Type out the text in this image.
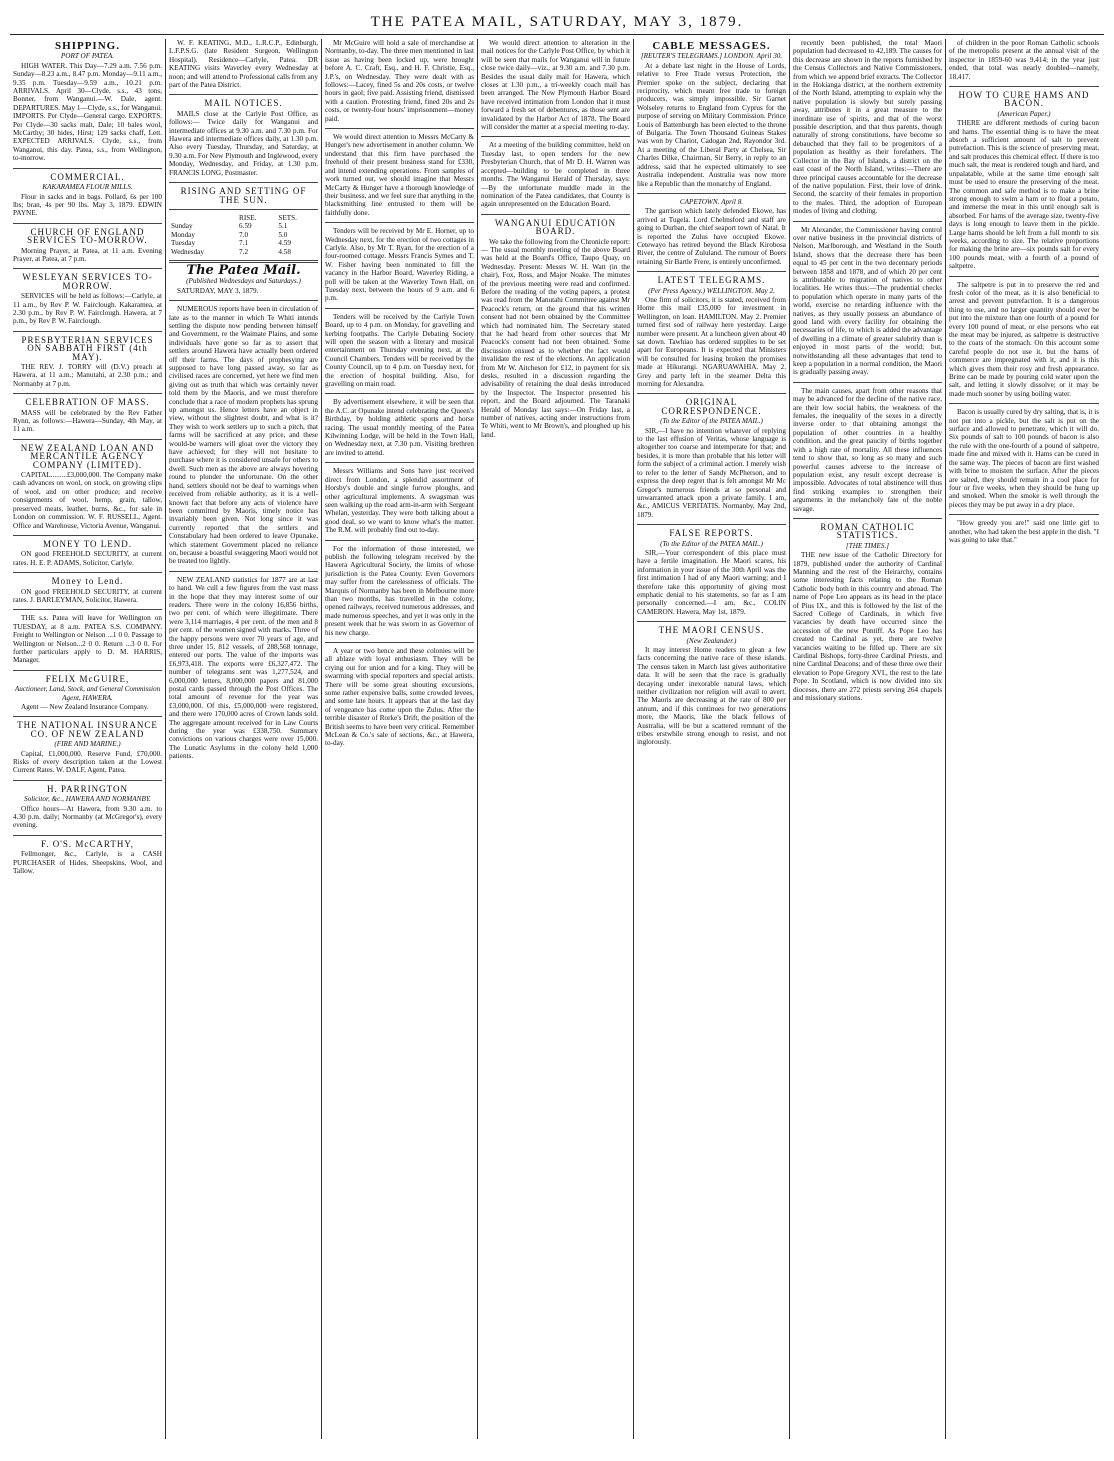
THE PATEA MAIL, SATURDAY, MAY 3, 1879.
SHIPPING.
PORT OF PATEA.

HIGH WATER. This Day—7.29 a.m. 7.56 p.m. Sunday—8.23 a.m., 8.47 p.m. Monday—9.11 a.m., 9.35 p.m. Tuesday—9.59 a.m., 10.21 p.m. ARRIVALS. April 30—Clyde, s.s., 43 tons, Bonner, from Wanganui.—W. Dale, agent. DEPARTURES. May 1—Clyde, s.s., for Wanganui. IMPORTS. Per Clyde—General cargo. EXPORTS. Per Clyde—30 sacks malt, Dale; 10 bales wool, McCarthy; 30 hides, Hirst; 129 sacks chaff, Lett. EXPECTED ARRIVALS. Clyde, s.s., from Wanganui, this day. Patea, s.s., from Wellington, to-morrow.

COMMERCIAL.
KAKARAMEA FLOUR MILLS.

Flour in sacks and in bags. Pollard, 6s per 100 lbs; bran, 4s per 90 lbs. May 3, 1879. EDWIN PAYNE.

CHURCH OF ENGLAND SERVICES TO-MORROW.

Morning Prayer, at Patea, at 11 a.m. Evening Prayer, at Patea, at 7 p.m.

WESLEYAN SERVICES TO-MORROW.

SERVICES will be held as follows:—Carlyle, at 11 a.m., by Rev P. W. Fairclough. Kakaramea, at 2.30 p.m., by Rev P. W. Fairclough. Hawera, at 7 p.m., by Rev P. W. Fairclough.

PRESBYTERIAN SERVICES ON SABBATH FIRST (4th MAY).

THE REV. J. TORRY will (D.V.) preach at Hawera, at 11 a.m.; Manutahi, at 2.30 p.m.; and Normanby at 7 p.m.

CELEBRATION OF MASS.

MASS will be celebrated by the Rev Father Rynn, as follows:—Hawera—Sunday, 4th May, at 11 a.m.

NEW ZEALAND LOAN AND MERCANTILE AGENCY COMPANY (LIMITED).

CAPITAL.........£3,000,000. The Company make cash advances on wool, on stock, on growing clips of wool, and on other produce; and receive consignments of wool, hemp, grain, tallow, preserved meats, leather, burns, &c., for sale in London on commission. W. F. RUSSELL, Agent. Office and Warehouse, Victoria Avenue, Wanganui.

MONEY TO LEND.

ON good FREEHOLD SECURITY, at current rates. H. E. P. ADAMS, Solicitor, Carlyle.

Money to Lend.

ON good FREEHOLD SECURITY, at current rates. J. BARLEYMAN, Solicitor, Hawera.

THE s.s. Patea will leave for Wellington on TUESDAY, at 8 a.m. PATEA S.S. COMPANY. Freight to Wellington or Nelson ...1 0 0. Passage to Wellington or Nelson...2 0 0. Return ...3 0 0. For further particulars apply to D. M. HARRIS, Manager.

FELIX McGUIRE,
Auctioneer, Land, Stock, and General Commission Agent, HAWERA.

Agent — New Zealand Insurance Company.

THE NATIONAL INSURANCE CO. OF NEW ZEALAND
(FIRE AND MARINE.)

Capital, £1,000,000. Reserve Fund, £70,000. Risks of every description taken at the Lowest Current Rates. W. DALF, Agent, Patea.

H. PARRINGTON
Solicitor, &c., HAWERA AND NORMANBY.

Office hours—At Hawera, from 9.30 a.m. to 4.30 p.m. daily; Normanby (at McGregor's), every evening.

F. O'S. McCARTHY,

Fellmonger, &c., Carlyle, is a CASH PURCHASER of Hides, Sheepskins, Wool, and Tallow.

W. F. KEATING, M.D., L.R.C.P., Edinburgh, L.F.P.S.G. (late Resident Surgeon, Wellington Hospital). Residence—Carlyle, Patea. DR KEATING visits Waverley every Wednesday at noon; and will attend to Professional calls from any part of the Patea District.

MAIL NOTICES.

MAILS close at the Carlyle Post Office, as follows:— Twice daily for Wanganui and intermediate offices at 9.30 a.m. and 7.30 p.m. For Hawera and intermediate offices daily, at 1.30 p.m. Also every Tuesday, Thursday, and Saturday, at 9.30 a.m. For New Plymouth and Inglewood, every Monday, Wednesday, and Friday, at 1.30 p.m. FRANCIS LONG, Postmaster.

RISING AND SETTING OF THE SUN.
	RISE.	SETS.
Sunday	6.59	5.1
Monday	7.0	5.0
Tuesday	7.1	4.59
Wednesday	7.2	4.58
The Patea Mail.
(Published Wednesdays and Saturdays.)

SATURDAY, MAY 3, 1879.

NUMEROUS reports have been in circulation of late as to the manner in which Te Whiti intends settling the dispute now pending between himself and Government, re the Waimate Plains, and some individuals have gone so far as to assert that settlers around Hawera have actually been ordered off their farms. The days of prophesying are supposed to have long passed away, so far as civilised races are concerned, yet here we find men giving out as truth that which was certainly never told them by the Maoris, and we must therefore conclude that a race of modern prophets has sprung up amongst us. Hence letters have an object in view, without the slightest doubt, and what is it? They wish to work settlers up to such a pitch, that farms will be sacrificed at any price, and these would-be warners will gloat over the victory they have achieved; for they will not hesitate to purchase where it is considered unsafe for others to dwell. Such men as the above are always hovering round to plunder the unfortunate. On the other hand, settlers should not be deaf to warnings when received from reliable authority, as it is a well-known fact that before any acts of violence have been committed by Maoris, timely notice has invariably been given. Not long since it was currently reported that the settlers and Constabulary had been ordered to leave Opunake, which statement Government placed no reliance on, because a boastful swaggering Maori would not be treated too lightly.

NEW ZEALAND statistics for 1877 are at last to hand. We cull a few figures from the vast mass in the hope that they may interest some of our readers. There were in the colony 16,856 births, two per cent. of which were illegitimate. There were 3,114 marriages, 4 per cent. of the men and 8 per cent. of the women signed with marks. Three of the happy persons were over 70 years of age, and three under 15. 812 vessels, of 288,568 tonnage, entered our ports. The value of the imports was £6,973,418. The exports were £6,327,472. The number of telegrams sent was 1,277,524, and 6,000,000 letters, 8,000,000 papers and 81,000 postal cards passed through the Post Offices. The total amount of revenue for the year was £3,000,000. Of this, £5,000,000 were registered, and there were 170,000 acres of Crown lands sold. The aggregate amount received for in Law Courts during the year was £338,750. Summary convictions on various charges were over 15,000. The Lunatic Asylums in the colony held 1,000 patients.

Mr McGuire will hold a sale of merchandise at Normanby, to-day. The three men mentioned in last issue as having been locked up, were brought before A. C. Craft, Esq., and H. F. Christie, Esq., J.P.'s, on Wednesday. They were dealt with as follows:—Lacey, fined 5s and 20s costs, or twelve hours in gaol; five paid. Assisting friend, dismissed with a caution. Protesting friend, fined 20s and 2s costs, or twenty-four hours' imprisonment—money paid.

We would direct attention to Messrs McCarty & Hunger's new advertisement in another column. We understand that this firm have purchased the freehold of their present business stand for £330, and intend extending operations. From samples of work turned out, we should imagine that Messrs McCarty & Hunger have a thorough knowledge of their business, and we feel sure that anything in the blacksmithing line entrusted to them will be faithfully done.

Tenders will be received by Mr E. Horner, up to Wednesday next, for the erection of two cottages in Carlyle. Also, by Mr T. Ryan, for the erection of a four-roomed cottage. Messrs Francis Symes and T. W. Fisher having been nominated to fill the vacancy in the Harbor Board, Waverley Riding, a poll will be taken at the Waverley Town Hall, on Tuesday next, between the hours of 9 a.m. and 6 p.m.

Tenders will be received by the Carlyle Town Board, up to 4 p.m. on Monday, for gravelling and kerbing footpaths. The Carlyle Debating Society will open the season with a literary and musical entertainment on Thursday evening next, at the Council Chambers. Tenders will be received by the County Council, up to 4 p.m. on Tuesday next, for the erection of hospital building. Also, for gravelling on main road.

By advertisement elsewhere, it will be seen that the A.C. at Opunake intend celebrating the Queen's Birthday, by holding athletic sports and horse racing. The usual monthly meeting of the Patea Kilwinning Lodge, will be held in the Town Hall, on Wednesday next, at 7.30 p.m. Visiting brethren are invited to attend.

Messrs Williams and Sons have just received direct from London, a splendid assortment of Horsby's double and single furrow ploughs, and other agricultural implements. A swagsman was seen walking up the road arm-in-arm with Sergeant Whelan, yesterday. They were both talking about a good deal, so we want to know what's the matter. The R.M. will probably find out to-day.

For the information of those interested, we publish the following telegram received by the Hawera Agricultural Society, the limits of whose jurisdiction is the Patea County. Even Governors may suffer from the carelessness of officials. The Marquis of Normanby has been in Melbourne more than two months, has travelled in the colony, opened railways, received numerous addresses, and made numerous speeches, and yet it was only in the present week that he was sworn in as Governor of his new charge.

A year or two hence and these colonies will be all ablaze with loyal enthusiasm. They will be crying out for union and for a king. They will be swarming with special reporters and special artists. There will be some great shouting excursions, some rather expensive balls, some crowded levees, and some late hours. It appears that at the last day of vengeance has come upon the Zulus. After the terrible disaster of Rorke's Drift, the position of the British seems to have been very critical. Remember McLean & Co.'s sale of sections, &c., at Hawera, to-day.

We would direct attention to alteration in the mail notices for the Carlyle Post Office, by which it will be seen that mails for Wanganui will in future close twice daily—viz., at 9.30 a.m. and 7.30 p.m. Besides the usual daily mail for Hawera, which closes at 1.30 p.m., a tri-weekly coach mail has been arranged. The New Plymouth Harbor Board have received intimation from London that it must forward a fresh set of debentures, as those sent are invalidated by the Harbor Act of 1878. The Board will consider the matter at a special meeting to-day.

At a meeting of the building committee, held on Tuesday last, to open tenders for the new Presbyterian Church, that of Mr D. H. Warren was accepted—building to be completed in three months. The Wanganui Herald of Thursday, says:—By the unfortunate muddle made in the nomination of the Patea candidates, that County is again unrepresented on the Education Board.

WANGANUI EDUCATION BOARD.

We take the following from the Chronicle report:— The usual monthly meeting of the above Board was held at the Board's Office, Taupo Quay, on Wednesday. Present: Messrs W. H. Watt (in the chair), Fox, Ross, and Major Noake. The minutes of the previous meeting were read and confirmed. Before the reading of the voting papers, a protest was read from the Manutahi Committee against Mr Peacock's return, on the ground that his written consent had not been obtained by the Committee which had nominated him. The Secretary stated that he had heard from other sources that Mr Peacock's consent had not been obtained. Some discussion ensued as to whether the fact would invalidate the rest of the elections. An application from Mr W. Aitcheson for £12, in payment for six desks, resulted in a discussion regarding the advisability of retaining the dual desks introduced by the Inspector. The Inspector presented his report, and the Board adjourned. The Taranaki Herald of Monday last says:—On Friday last, a number of natives, acting under instructions from Te Whiti, went to Mr Brown's, and ploughed up his land.

CABLE MESSAGES.
[REUTER'S TELEGRAMS.] LONDON. April 30.

At a debate last night in the House of Lords, relative to Free Trade versus Protection, the Premier spoke on the subject, declaring that reciprocity, which meant free trade to foreign producers, was simply impossible. Sir Garnet Wolseley returns to England from Cyprus for the purpose of serving on Military Commission. Prince Louis of Battenburgh has been elected to the throne of Bulgaria. The Town Thousand Guineas Stakes was won by Chariot, Cadogan 2nd, Rayondor 3rd. At a meeting of the Liberal Party at Chelsea, Sir Charles Dilke, Chairman, Sir Berry, in reply to an address, said that he expected ultimately to see Australia independent. Australia was now more like a Republic than the monarchy of England.

CAPETOWN. April 8.

The garrison which lately defended Ekowe, has arrived at Tugela. Lord Chelmsford and staff are going to Durban, the chief seaport town of Natal. It is reported the Zulus have occupied Ekowe. Cetewayo has retired beyond the Black Kirobosa River, the centre of Zululand. The rumour of Boers retaining Sir Bartle Frere, is entirely unconfirmed.

LATEST TELEGRAMS.
(Per Press Agency.) WELLINGTON. May 2.

One firm of solicitors, it is stated, received from Home this mail £35,000 for investment in Wellington, on loan. HAMILTON. May 2. Premier turned first sod of railway here yesterday. Large number were present. At a luncheon given about 40 sat down. Tawhiao has ordered supplies to be set apart for Europeans. It is expected that Ministers will be consulted for leasing broken the promises made at Hikurangi. NGARUAWAHIA. May 2. Grey and party left in the steamer Delta this morning for Alexandra.

ORIGINAL CORRESPONDENCE.
(To the Editor of the PATEA MAIL.)

SIR,—I have no intention whatever of replying to the last effusion of Veritas, whose language is altogether too coarse and intemperate for that; and besides, it is more than probable that his letter will form the subject of a criminal action. I merely wish to refer to the letter of Sandy McPherson, and to express the deep regret that is felt amongst Mr Mc Gregor's numerous friends at so personal and unwarranted attack upon a private family. I am, &c., AMICUS VERITATIS. Normanby, May 2nd, 1879.

FALSE REPORTS.
(To the Editor of the PATEA MAIL.)

SIR,—Your correspondent of this place must have a fertile imagination. He Maori scares, his information in your issue of the 30th April was the first intimation I had of any Maori warning; and I therefore take this opportunity of giving most emphatic denial to his statements, so far as I am personally concerned.—I am, &c., COLIN CAMERON. Hawera, May 1st, 1879.

THE MAORI CENSUS.
(New Zealander.)

It may interest Home readers to glean a few facts concerning the native race of these islands. The census taken in March last gives authoritative data. It will be seen that the race is gradually decaying under inexorable natural laws, which neither civilization nor religion will avail to avert. The Maoris are decreasing at the rate of 800 per annum, and if this continues for two generations more, the Maoris, like the black fellows of Australia, will be but a scattered remnant of the tribes erstwhile strong enough to resist, and not inglorously.

recently been published, the total Maori population had decreased to 42,189. The causes for this decrease are shown in the reports furnished by the Census Collectors and Native Commissioners, from which we append brief extracts. The Collector in the Hokianga district, at the northern extremity of the North Island, attempting to explain why the native population is slowly but surely passing away, attributes it in a great measure to the inordinate use of spirits, and that of the worst possible description, and that thus parents, though naturally of strong constitutions, have become so debauched that they fail to be progenitors of a population as healthy as their forefathers. The Collector in the Bay of Islands, a district on the east coast of the North Island, writes:—There are three principal causes accountable for the decrease of the native population. First, their love of drink. Second, the scarcity of their females in proportion to the males. Third, the adoption of European modes of living and clothing.

Mr Alexander, the Commissioner having control over native business in the provincial districts of Nelson, Marlborough, and Westland in the South Island, shows that the decrease there has been equal to 45 per cent in the two decennary periods between 1858 and 1878, and of which 20 per cent is attributable to migration of natives to other localities. He writes thus:—The prudential checks to population which operate in many parts of the world, exercise no retarding influence with the natives, as they usually possess an abundance of good land with every facility for obtaining the necessaries of life, to which is added the advantage of dwelling in a climate of greater salubrity than is enjoyed in most parts of the world; but, notwithstanding all these advantages that tend to keep a population in a normal condition, the Maori is gradually passing away.

The main causes, apart from other reasons that may be advanced for the decline of the native race, are their low social habits, the weakness of the females, the inequality of the sexes in a directly inverse order to that obtaining amongst the population of other countries in a healthy condition, and the great paucity of births together with a high rate of mortality. All these influences tend to show that, so long as so many and such powerful causes adverse to the increase of population exist, any result except decrease is impossible. Advocates of total abstinence will thus find striking examples to strengthen their arguments in the melancholy fate of the noble savage.

ROMAN CATHOLIC STATISTICS.
[THE TIMES.]

THE new issue of the Catholic Directory for 1879, published under the authority of Cardinal Manning and the rest of the Heirarchy, contains some interesting facts relating to the Roman Catholic body both in this country and abroad. The name of Pope Leo appears as its head in the place of Pius IX., and this is followed by the list of the Sacred College of Cardinals, in which five vacancies by death have occurred since the accession of the new Pontiff. As Pope Leo has created no Cardinal as yet, there are twelve vacancies waiting to be filled up. There are six Cardinal Bishops, forty-three Cardinal Priests, and nine Cardinal Deacons; and of these three owe their elevation to Pope Gregory XVI., the rest to the late Pope. In Scotland, which is now divided into six dioceses, there are 272 priests serving 264 chapels and missionary stations.

of children in the poor Roman Catholic schools of the metropolis present at the annual visit of the inspector in 1859-60 was 9,414; in the year just ended, that total was nearly doubled—namely, 18,417.

HOW TO CURE HAMS AND BACON.
(American Paper.)

THERE are different methods of curing bacon and hams. The essential thing is to have the meat absorb a sufficient amount of salt to prevent putrefaction. This is the science of preserving meat, and salt produces this chemical effect. If there is too much salt, the meat is rendered tough and hard, and unpalatable, while at the same time enough salt must be used to ensure the preserving of the meat. The common and safe method is to make a brine strong enough to swim a ham or to float a potato, and immerse the meat in this until enough salt is absorbed. For hams of the average size, twenty-five days is long enough to leave them in the pickle. Large hams should be left from a full month to six weeks, according to size. The relative proportions for making the brine are—six pounds salt for every 100 pounds meat, with a fourth of a pound of saltpetre.

The saltpetre is put in to preserve the red and fresh color of the meat, as it is also beneficial to arrest and prevent putrefaction. It is a dangerous thing to use, and no larger quantity should ever be put into the mixture than one fourth of a pound for every 100 pound of meat, or else persons who eat the meat may be injured, as saltpetre is destructive to the coats of the stomach. On this account some careful people do not use it, but the hams of commerce are impregnated with it, and it is this which gives them their rosy and fresh appearance. Brine can be made by pouring cold water upon the salt, and letting it slowly dissolve; or it may be made much sooner by using boiling water.

Bacon is usually cured by dry salting, that is, it is not put into a pickle, but the salt is put on the surface and allowed to penetrate, which it will do. Six pounds of salt to 100 pounds of bacon is also the rule with the one-fourth of a pound of saltpetre, made fine and mixed with it. Hams can be cured in the same way. The pieces of bacon are first washed with brine to moisten the surface. After the pieces are salted, they should remain in a cool place for four or five weeks, when they should be hung up and smoked. When the smoke is well through the pieces they may be put away in a dry place.

"How greedy you are!" said one little girl to another, who had taken the best apple in the dish. "I was going to take that."
